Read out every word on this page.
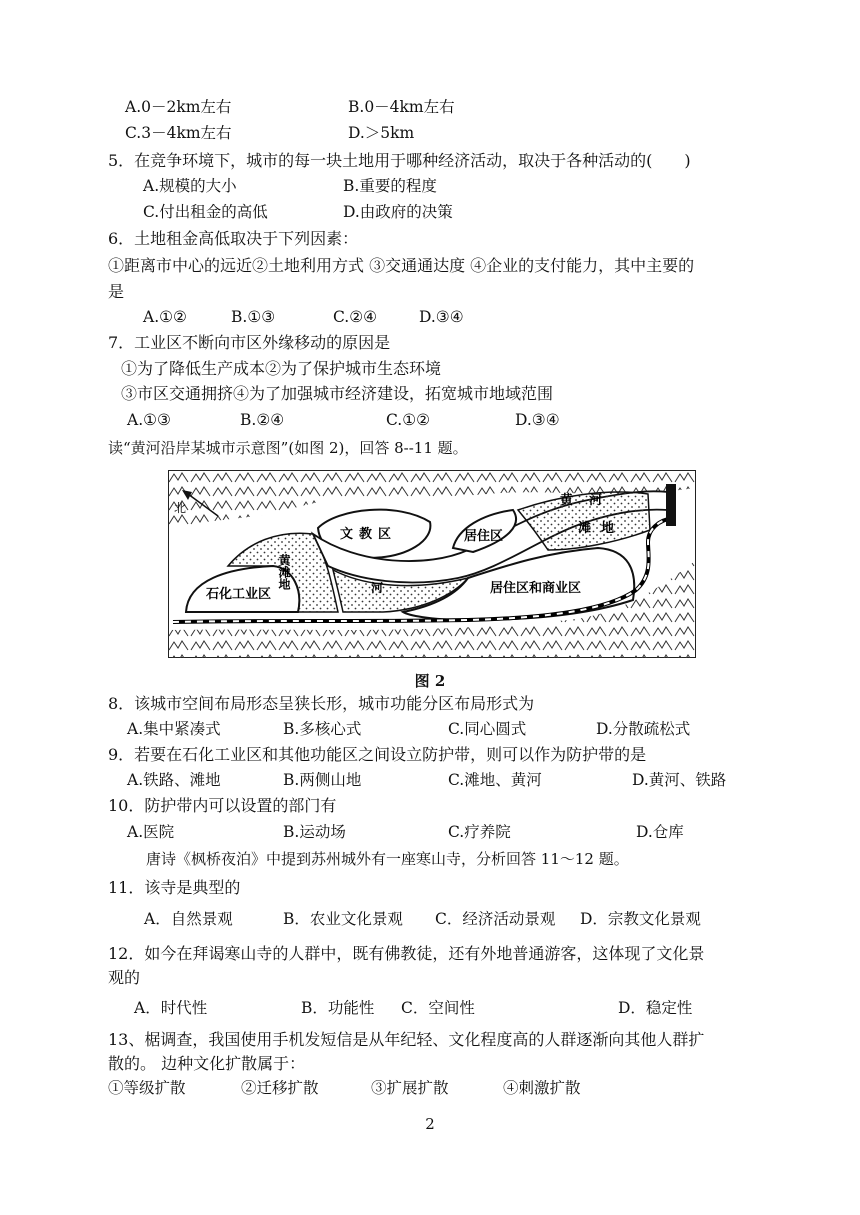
A.0－2km左右	B.0－4km左右
C.3－4km左右	D.＞5km
5．在竞争环境下，城市的每一块土地用于哪种经济活动，取决于各种活动的(　　)
A.规模的大小	B.重要的程度
C.付出租金的高低	D.由政府的决策
6．土地租金高低取决于下列因素：
①距离市中心的远近②土地利用方式 ③交通通达度 ④企业的支付能力，其中主要的
是
A.①②	B.①③	C.②④	D.③④
7．工业区不断向市区外缘移动的原因是
①为了降低生产成本②为了保护城市生态环境
③市区交通拥挤④为了加强城市经济建设，拓宽城市地域范围
A.①③	B.②④	C.①②	D.③④
读“黄河沿岸某城市示意图”(如图 2)，回答 8--11 题。
北
石化工业区
文教区	居住区
居住区和商业区
黄河
黄滩地	河
滩地
图 2
8．该城市空间布局形态呈狭长形，城市功能分区布局形式为
A.集中紧凑式	B.多核心式	C.同心圆式	D.分散疏松式
9．若要在石化工业区和其他功能区之间设立防护带，则可以作为防护带的是
A.铁路、滩地	B.两侧山地	C.滩地、黄河	D.黄河、铁路
10．防护带内可以设置的部门有
A.医院	B.运动场	C.疗养院	D.仓库
唐诗《枫桥夜泊》中提到苏州城外有一座寒山寺，分析回答 11～12 题。
11．该寺是典型的
A．自然景观	B．农业文化景观 C．经济活动景观 D．宗教文化景观
12．如今在拜谒寒山寺的人群中，既有佛教徒，还有外地普通游客，这体现了文化景
观的
A．时代性	B．功能性 C．空间性	D．稳定性
13、椐调查，我国使用手机发短信是从年纪轻、文化程度高的人群逐渐向其他人群扩
散的。 边种文化扩散属于：
①等级扩散	②迁移扩散	③扩展扩散	④刺激扩散
2
